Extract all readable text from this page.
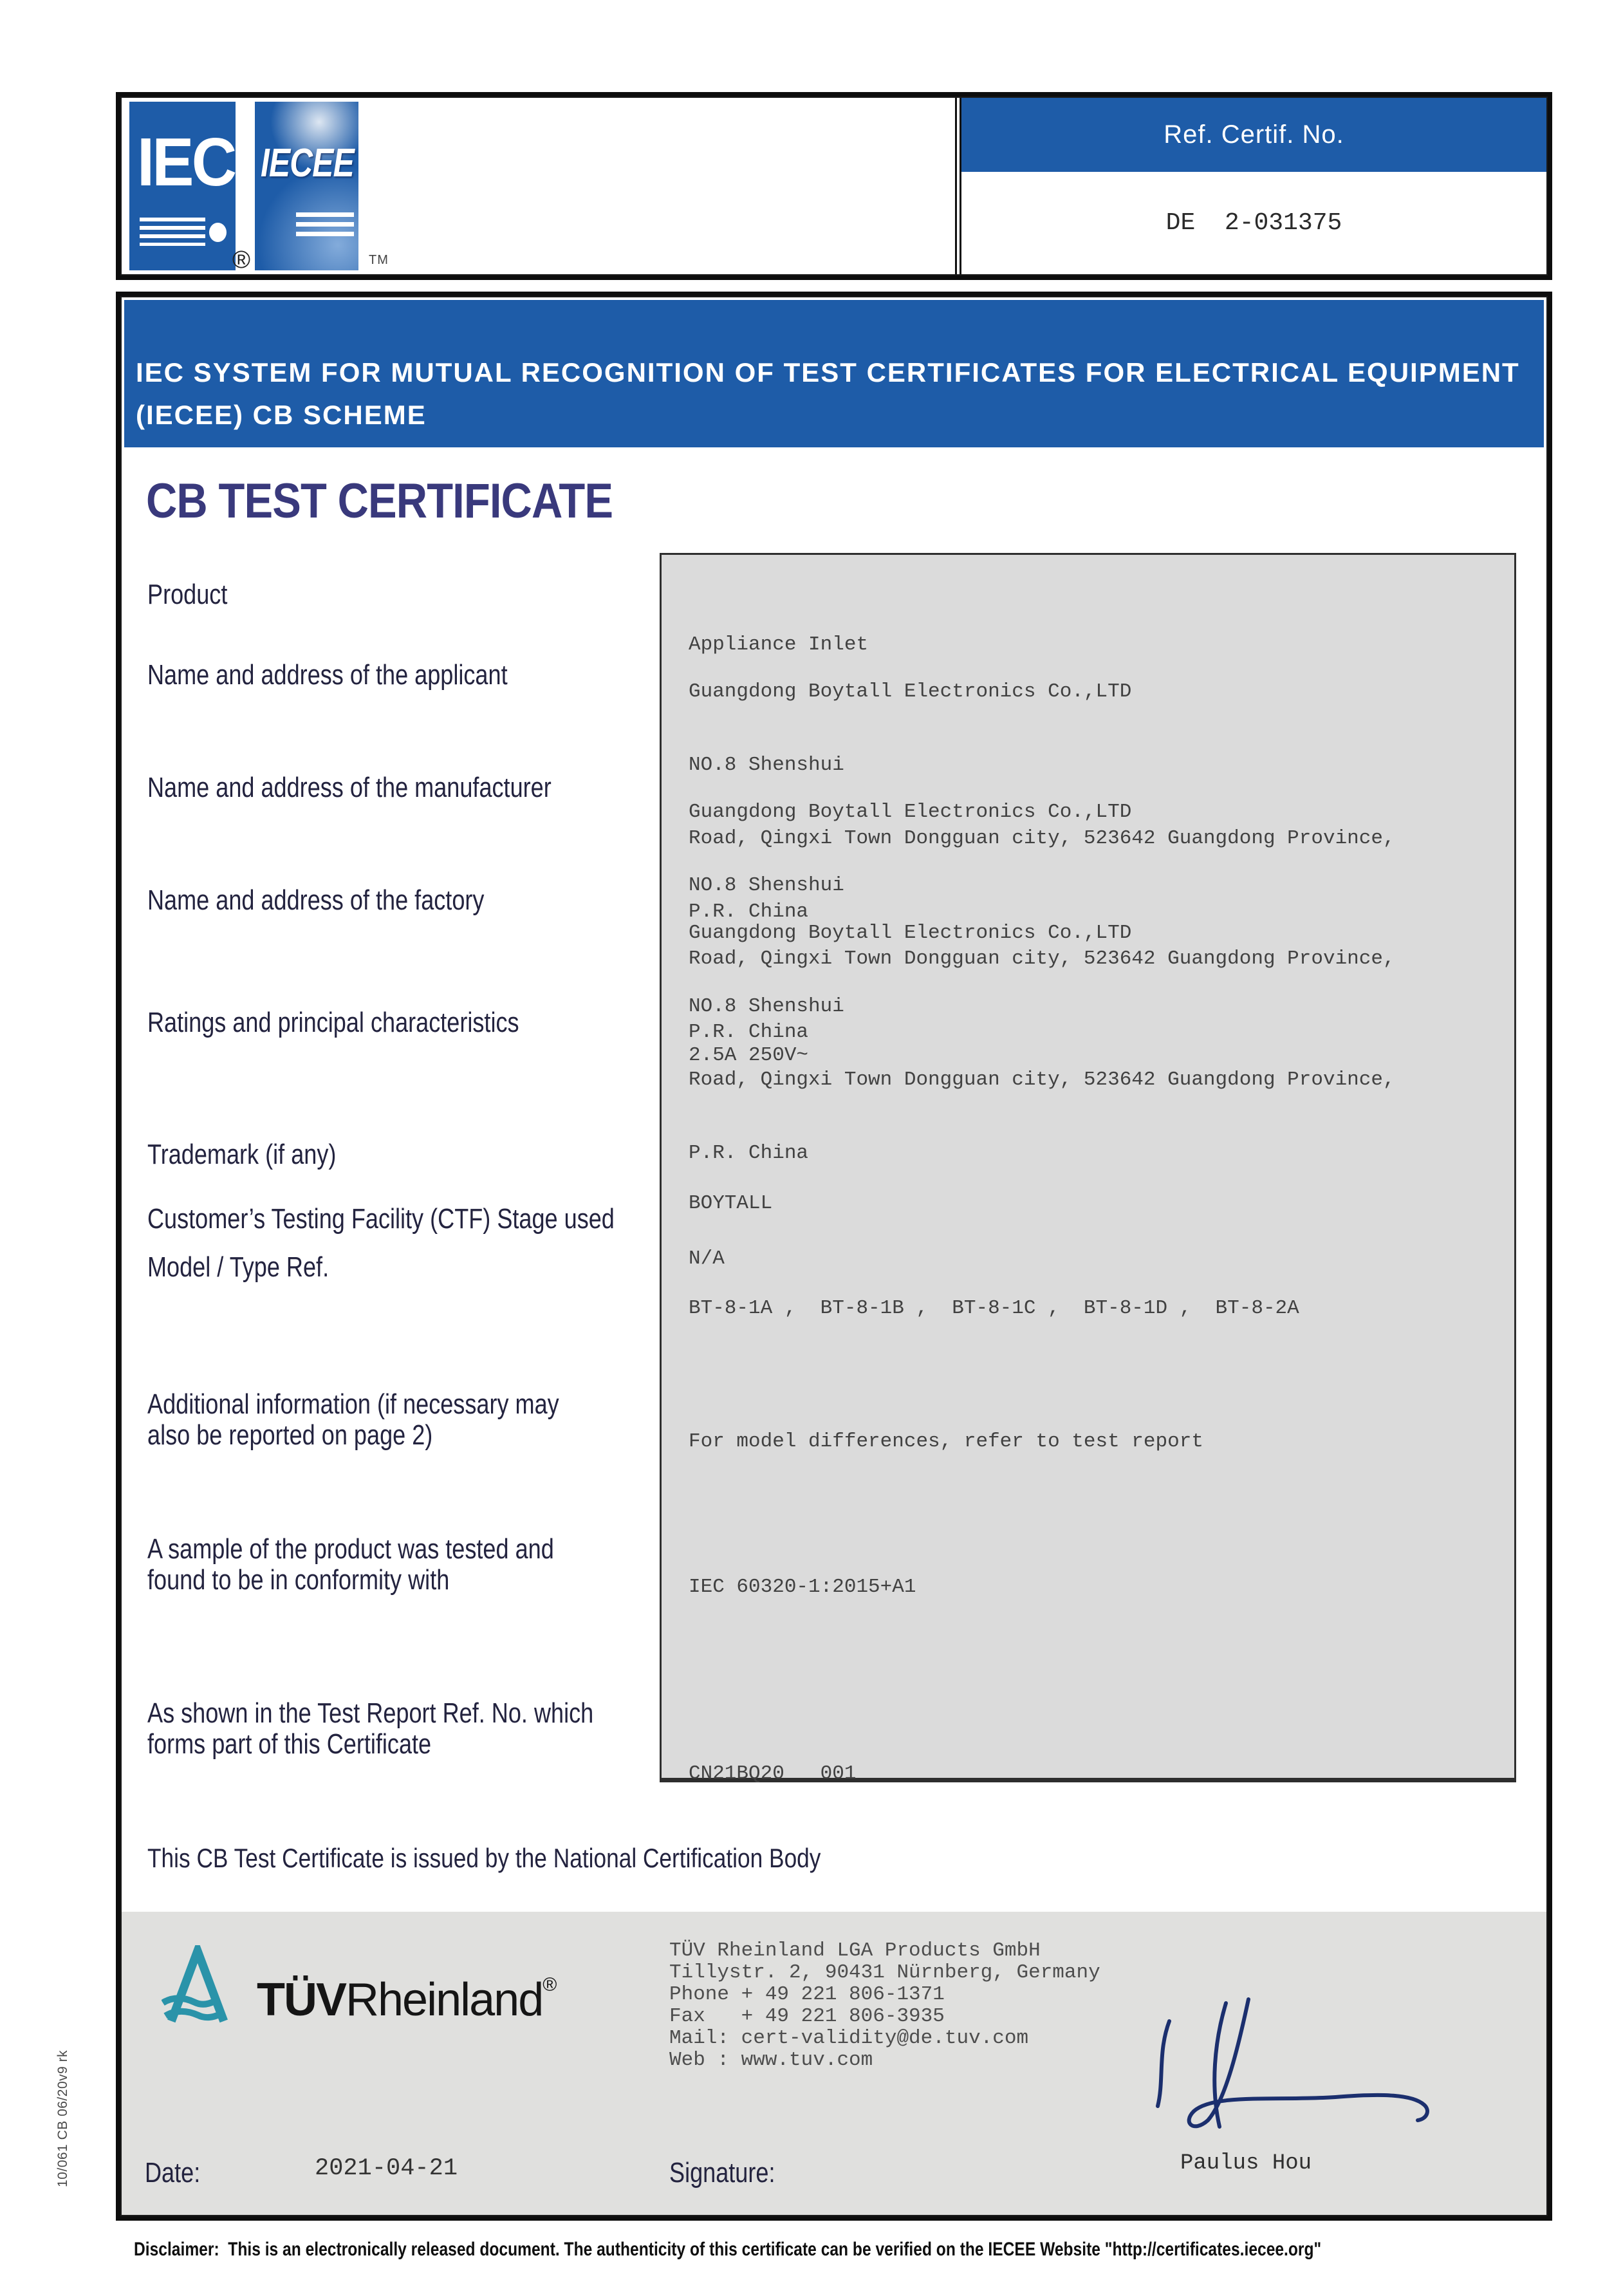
IEC
®
IECEE
TM
Ref. Certif. No.
DE  2-031375
IEC SYSTEM FOR MUTUAL RECOGNITION OF TEST CERTIFICATES FOR ELECTRICAL EQUIPMENT
(IECEE) CB SCHEME
CB TEST CERTIFICATE
Product

Appliance Inlet

Name and address of the applicant

Guangdong Boytall Electronics Co.,LTD

NO.8 Shenshui

Road, Qingxi Town Dongguan city, 523642 Guangdong Province,

P.R. China

Name and address of the manufacturer

Guangdong Boytall Electronics Co.,LTD

NO.8 Shenshui

Road, Qingxi Town Dongguan city, 523642 Guangdong Province,

P.R. China

Name and address of the factory

Guangdong Boytall Electronics Co.,LTD

NO.8 Shenshui

Road, Qingxi Town Dongguan city, 523642 Guangdong Province,

P.R. China

Ratings and principal characteristics

2.5A 250V~

Trademark (if any)

BOYTALL

Customer’s Testing Facility (CTF) Stage used

N/A

Model / Type Ref.

BT-8-1A ,  BT-8-1B ,  BT-8-1C ,  BT-8-1D ,  BT-8-2A

Additional information (if necessary may
also be reported on page 2)

	For model differences, refer to test report

A sample of the product was tested and
found to be in conformity with

	IEC 60320-1:2015+A1

As shown in the Test Report Ref. No. which
forms part of this Certificate

CN21BQ20   001

This CB Test Certificate is issued by the National Certification Body
TÜVRheinland®
TÜV Rheinland LGA Products GmbH
Tillystr. 2, 90431 Nürnberg, Germany
Phone + 49 221 806-1371
Fax   + 49 221 806-3935
Mail: cert-validity@de.tuv.com
Web : www.tuv.com
Paulus Hou
Date:	2021-04-21	Signature:
10/061 CB 06/20v9 rk
Disclaimer:  This is an electronically released document. The authenticity of this certificate can be verified on the IECEE Website "http://certificates.iecee.org"
